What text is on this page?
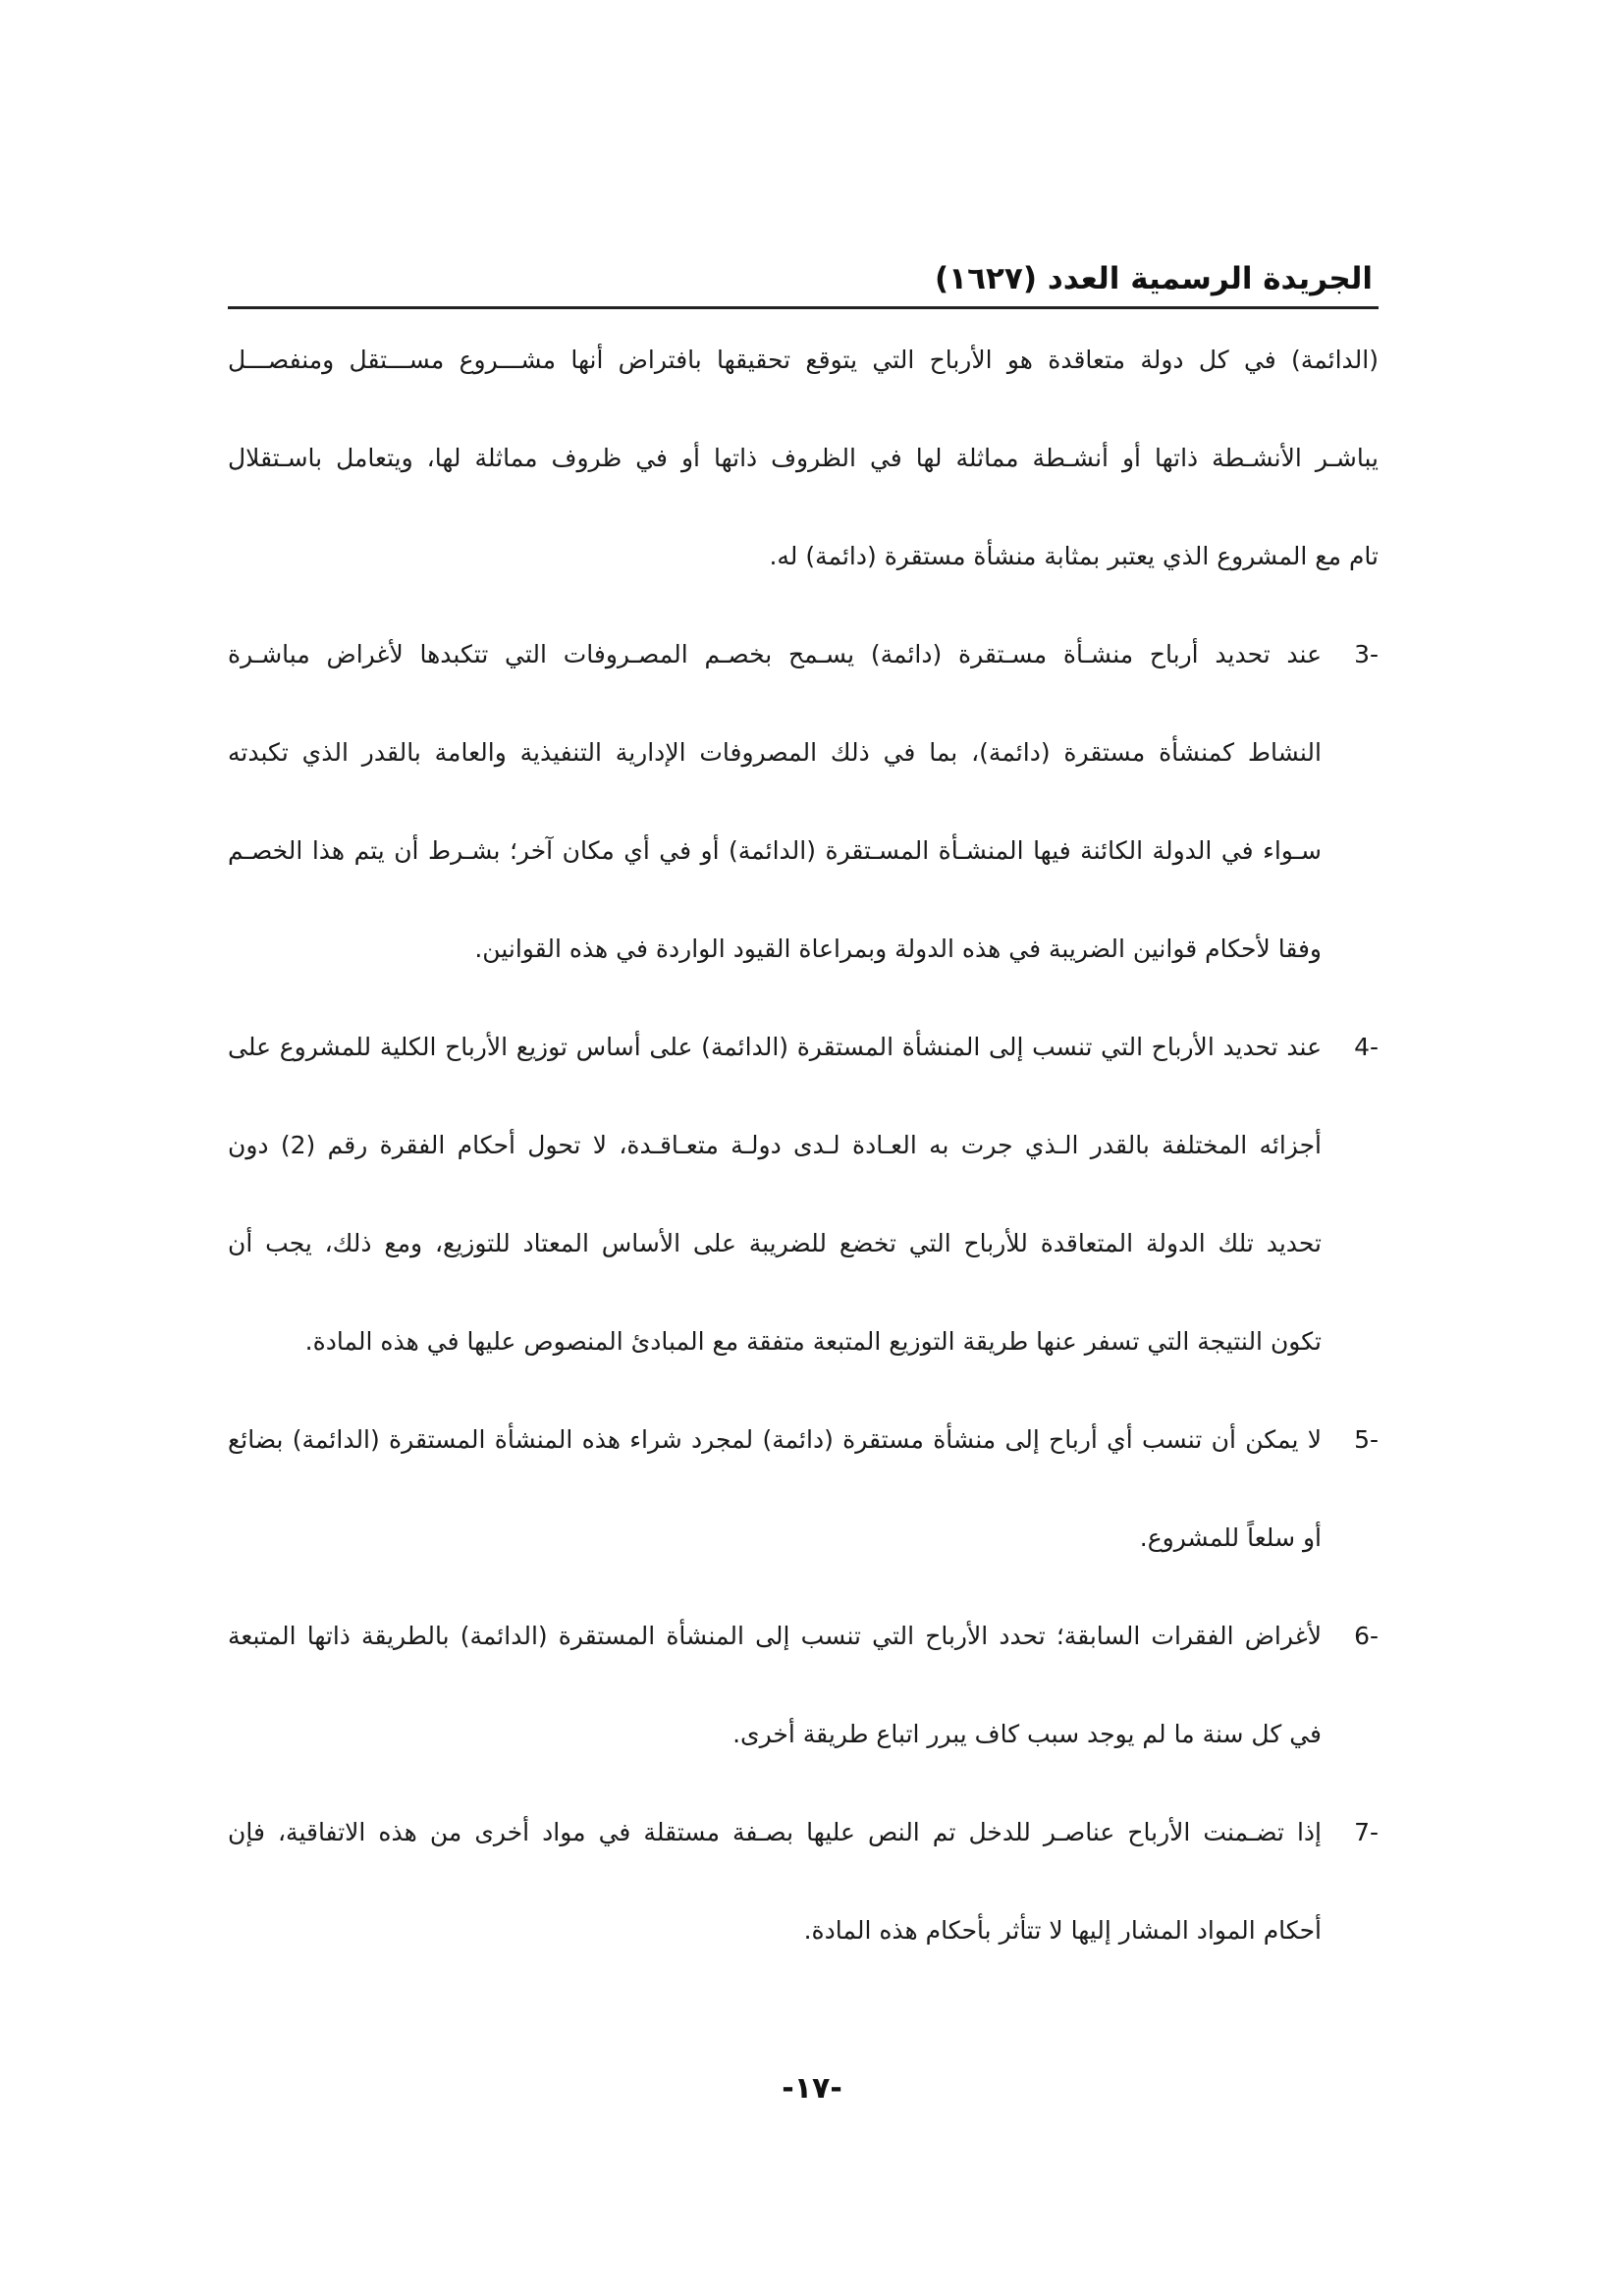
الجريدة الرسمية العدد (١٦٢٧)
(الدائمة) في كل دولة متعاقدة هو الأرباح التي يتوقع تحقيقها بافتراض أنها مشـــروع مســـتقل ومنفصـــل
يباشـر الأنشـطة ذاتها أو أنشـطة مماثلة لها في الظروف ذاتها أو في ظروف مماثلة لها، ويتعامل باسـتقلال
تام مع المشروع الذي يعتبر بمثابة منشأة مستقرة (دائمة) له.
3-
عند تحديد أرباح منشـأة مسـتقرة (دائمة) يسـمح بخصـم المصـروفات التي تتكبدها لأغراض مباشـرة
النشاط كمنشأة مستقرة (دائمة)، بما في ذلك المصروفات الإدارية التنفيذية والعامة بالقدر الذي تكبدته
سـواء في الدولة الكائنة فيها المنشـأة المسـتقرة (الدائمة) أو في أي مكان آخر؛ بشـرط أن يتم هذا الخصـم
وفقا لأحكام قوانين الضريبة في هذه الدولة وبمراعاة القيود الواردة في هذه القوانين.
4-
عند تحديد الأرباح التي تنسب إلى المنشأة المستقرة (الدائمة) على أساس توزيع الأرباح الكلية للمشروع على
أجزائه المختلفة بالقدر الـذي جرت به العـادة لـدى دولـة متعـاقـدة، لا تحول أحكام الفقرة رقم (2) دون
تحديد تلك الدولة المتعاقدة للأرباح التي تخضع للضريبة على الأساس المعتاد للتوزيع، ومع ذلك، يجب أن
تكون النتيجة التي تسفر عنها طريقة التوزيع المتبعة متفقة مع المبادئ المنصوص عليها في هذه المادة.
5-
لا يمكن أن تنسب أي أرباح إلى منشأة مستقرة (دائمة) لمجرد شراء هذه المنشأة المستقرة (الدائمة) بضائع
أو سلعاً للمشروع.
6-
لأغراض الفقرات السابقة؛ تحدد الأرباح التي تنسب إلى المنشأة المستقرة (الدائمة) بالطريقة ذاتها المتبعة
في كل سنة ما لم يوجد سبب كاف يبرر اتباع طريقة أخرى.
7-
إذا تضـمنت الأرباح عناصـر للدخل تم النص عليها بصـفة مستقلة في مواد أخرى من هذه الاتفاقية، فإن
أحكام المواد المشار إليها لا تتأثر بأحكام هذه المادة.
-١٧-
